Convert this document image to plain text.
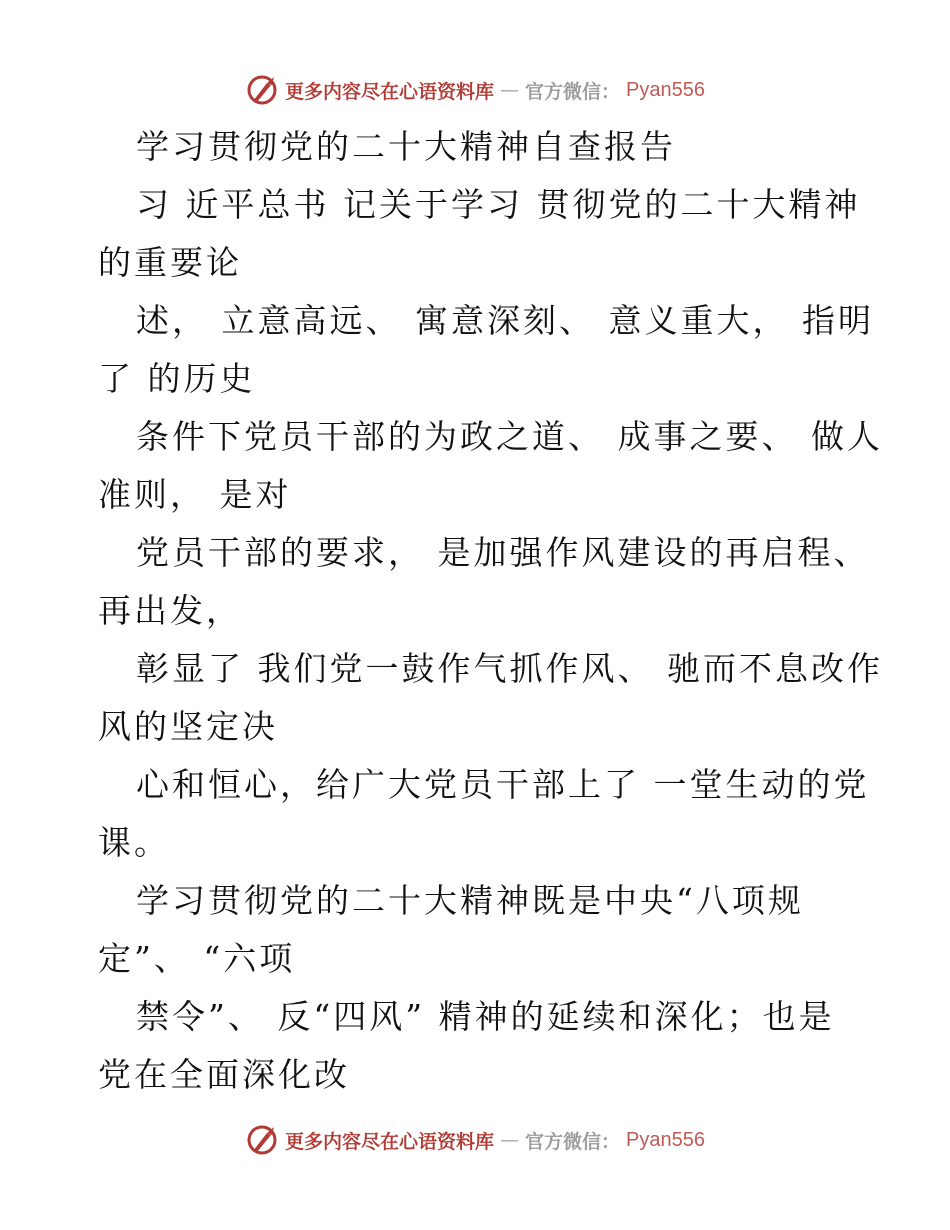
更多内容尽在心语资料库 — 官方微信： Pyan556
学习贯彻党的二十大精神自查报告
习 近平总书 记关于学习 贯彻党的二十大精神
的重要论
述， 立意高远、 寓意深刻、 意义重大， 指明
了 的历史
条件下党员干部的为政之道、 成事之要、 做人
准则， 是对
党员干部的要求， 是加强作风建设的再启程、
再出发，
彰显了 我们党一鼓作气抓作风、 驰而不息改作
风的坚定决
心和恒心，给广大党员干部上了 一堂生动的党
课。
学习贯彻党的二十大精神既是中央“八项规
定”、 “六项
禁令”、 反“四风” 精神的延续和深化；也是
党在全面深化改
更多内容尽在心语资料库 — 官方微信： Pyan556
